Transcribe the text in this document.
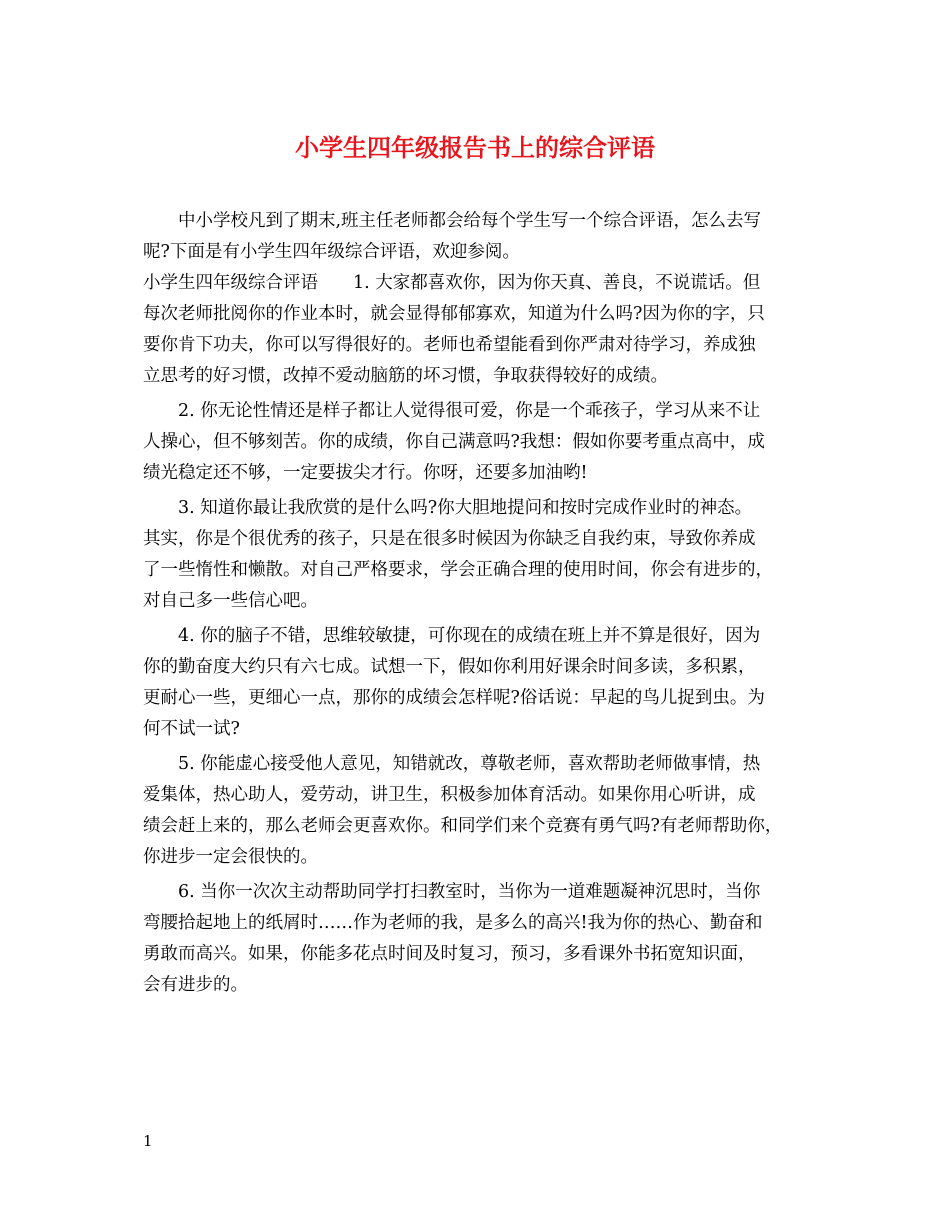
小学生四年级报告书上的综合评语
中小学校凡到了期末,班主任老师都会给每个学生写一个综合评语，怎么去写
呢?下面是有小学生四年级综合评语，欢迎参阅。
小学生四年级综合评语　　1. 大家都喜欢你，因为你天真、善良，不说谎话。但
每次老师批阅你的作业本时，就会显得郁郁寡欢，知道为什么吗?因为你的字，只
要你肯下功夫，你可以写得很好的。老师也希望能看到你严肃对待学习，养成独
立思考的好习惯，改掉不爱动脑筋的坏习惯，争取获得较好的成绩。
2. 你无论性情还是样子都让人觉得很可爱，你是一个乖孩子，学习从来不让
人操心，但不够刻苦。你的成绩，你自己满意吗?我想：假如你要考重点高中，成
绩光稳定还不够，一定要拔尖才行。你呀，还要多加油哟!
3. 知道你最让我欣赏的是什么吗?你大胆地提问和按时完成作业时的神态。
其实，你是个很优秀的孩子，只是在很多时候因为你缺乏自我约束，导致你养成
了一些惰性和懒散。对自己严格要求，学会正确合理的使用时间，你会有进步的，
对自己多一些信心吧。
4. 你的脑子不错，思维较敏捷，可你现在的成绩在班上并不算是很好，因为
你的勤奋度大约只有六七成。试想一下，假如你利用好课余时间多读，多积累，
更耐心一些，更细心一点，那你的成绩会怎样呢?俗话说：早起的鸟儿捉到虫。为
何不试一试?
5. 你能虚心接受他人意见，知错就改，尊敬老师，喜欢帮助老师做事情，热
爱集体，热心助人，爱劳动，讲卫生，积极参加体育活动。如果你用心听讲，成
绩会赶上来的，那么老师会更喜欢你。和同学们来个竞赛有勇气吗?有老师帮助你，
你进步一定会很快的。
6. 当你一次次主动帮助同学打扫教室时，当你为一道难题凝神沉思时，当你
弯腰拾起地上的纸屑时……作为老师的我，是多么的高兴!我为你的热心、勤奋和
勇敢而高兴。如果，你能多花点时间及时复习，预习，多看课外书拓宽知识面，
会有进步的。
1
